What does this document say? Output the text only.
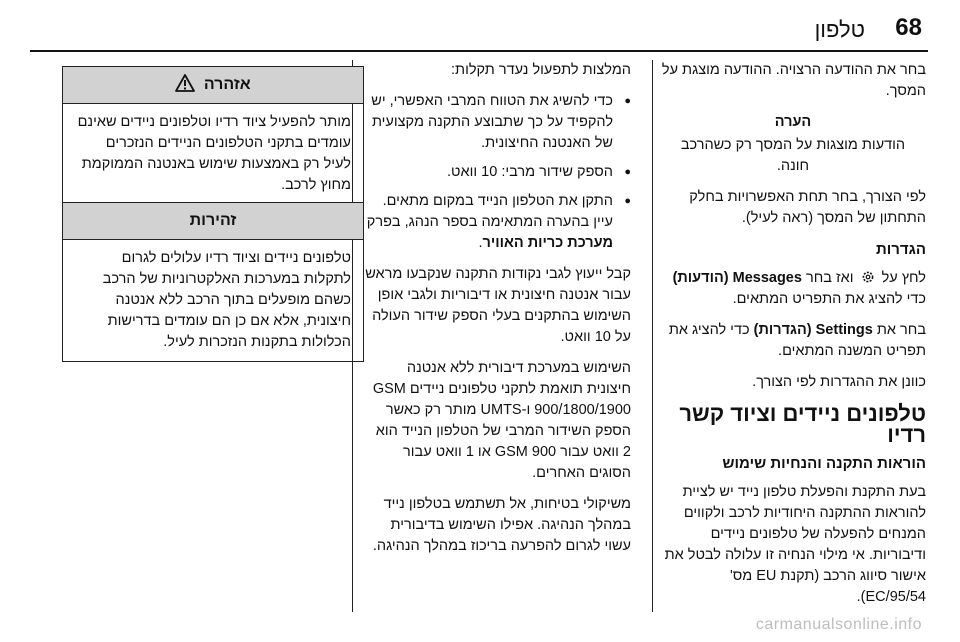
68
טלפון

בחר את ההודעה הרצויה. ההודעה מוצגת על המסך.

הערה

הודעות מוצגות על המסך רק כשהרכב חונה.

לפי הצורך, בחר תחת האפשרויות בחלק התחתון של המסך (ראה לעיל).

הגדרות

לחץ על  ואז בחר Messages (הודעות) כדי להציג את התפריט המתאים.

בחר את Settings (הגדרות) כדי להציג את תפריט המשנה המתאים.

כוונן את ההגדרות לפי הצורך.

טלפונים ניידים וציוד קשר רדיו
הוראות התקנה והנחיות שימוש

בעת התקנת והפעלת טלפון נייד יש לציית להוראות ההתקנה היחודיות לרכב ולקווים המנחים להפעלה של טלפונים ניידים ודיבוריות. אי מילוי הנחיה זו עלולה לבטל את אישור סיווג הרכב (תקנת EU מס' 95/54/EC).

המלצות לתפעול נעדר תקלות:

● כדי להשיג את הטווח המרבי האפשרי, יש להקפיד על כך שתבוצע התקנה מקצועית של האנטנה החיצונית.
● הספק שידור מרבי: 10 וואט.
● התקן את הטלפון הנייד במקום מתאים. עיין בהערה המתאימה בספר הנהג, בפרק מערכת כריות האוויר.

קבל ייעוץ לגבי נקודות התקנה שנקבעו מראש עבור אנטנה חיצונית או דיבוריות ולגבי אופן השימוש בהתקנים בעלי הספק שידור העולה על 10 וואט.

השימוש במערכת דיבורית ללא אנטנה חיצונית תואמת לתקני טלפונים ניידים GSM 900/1800/1900 ו-UMTS מותר רק כאשר הספק השידור המרבי של הטלפון הנייד הוא 2 וואט עבור GSM 900 או 1 וואט עבור הסוגים האחרים.

משיקולי בטיחות, אל תשתמש בטלפון נייד במהלך הנהיגה. אפילו השימוש בדיבורית עשוי לגרום להפרעה בריכוז במהלך הנהיגה.

אזהרה
מותר להפעיל ציוד רדיו וטלפונים ניידים שאינם עומדים בתקני הטלפונים הניידים הנזכרים לעיל רק באמצעות שימוש באנטנה הממוקמת מחוץ לרכב.
זהירות
טלפונים ניידים וציוד רדיו עלולים לגרום לתקלות במערכות האלקטרוניות של הרכב כשהם מופעלים בתוך הרכב ללא אנטנה חיצונית, אלא אם כן הם עומדים בדרישות הכלולות בתקנות הנזכרות לעיל.
carmanualsonline.info
